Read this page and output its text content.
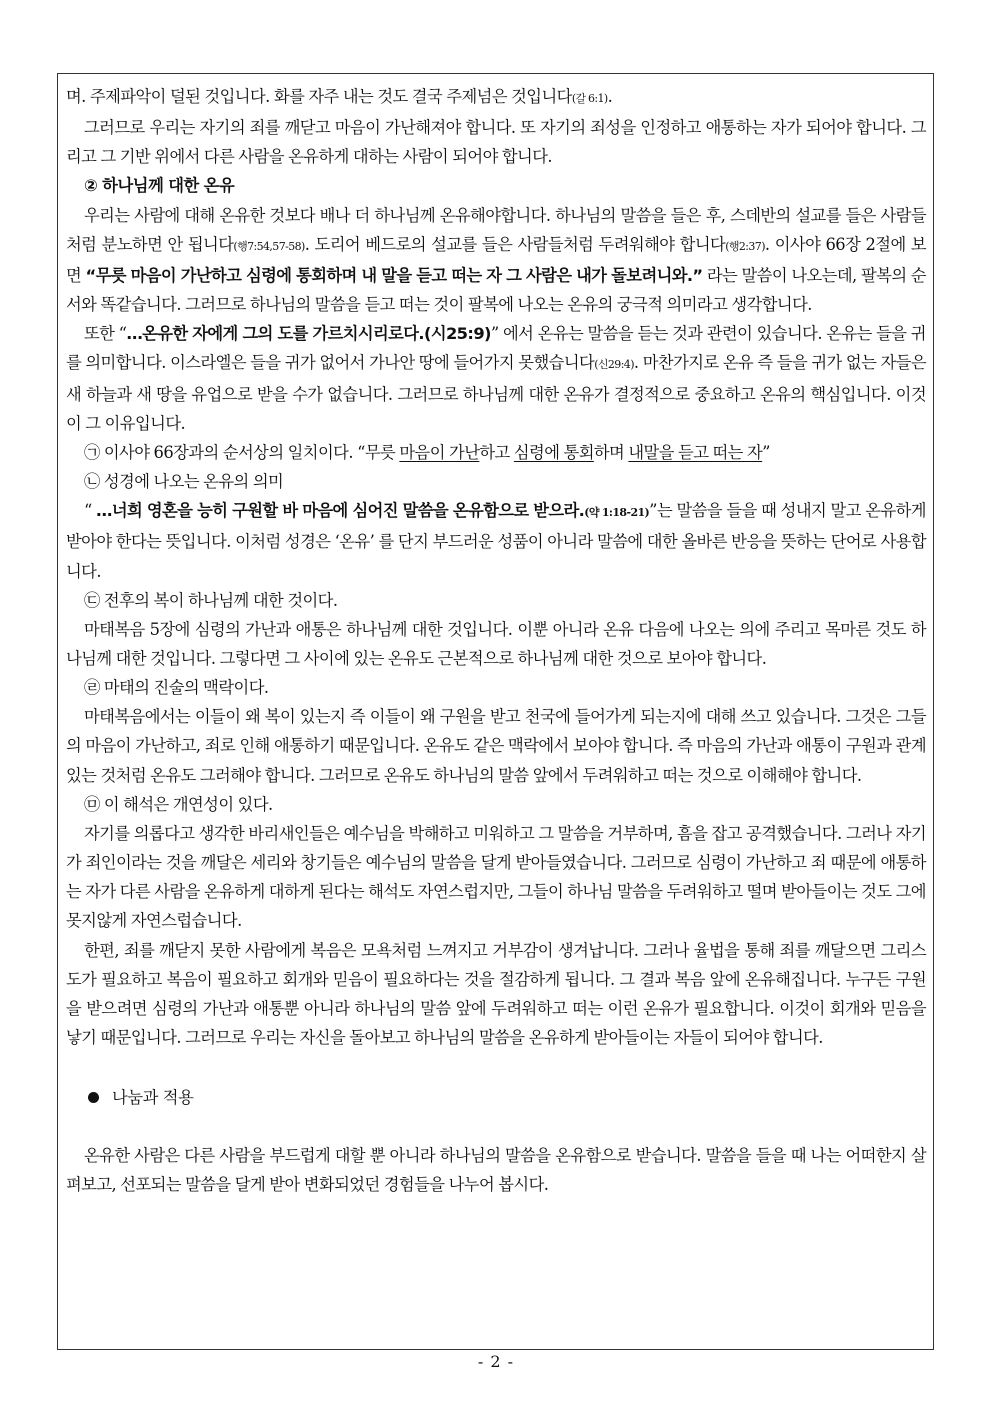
며. 주제파악이 덜된 것입니다. 화를 자주 내는 것도 결국 주제넘은 것입니다(갈 6:1).

그러므로 우리는 자기의 죄를 깨닫고 마음이 가난해져야 합니다. 또 자기의 죄성을 인정하고 애통하는 자가 되어야 합니다. 그리고 그 기반 위에서 다른 사람을 온유하게 대하는 사람이 되어야 합니다.

② 하나님께 대한 온유

우리는 사람에 대해 온유한 것보다 배나 더 하나님께 온유해야합니다. 하나님의 말씀을 들은 후, 스데반의 설교를 들은 사람들처럼 분노하면 안 됩니다(행7:54,57-58). 도리어 베드로의 설교를 들은 사람들처럼 두려워해야 합니다(행2:37). 이사야 66장 2절에 보면 “무릇 마음이 가난하고 심령에 통회하며 내 말을 듣고 떠는 자 그 사람은 내가 돌보려니와.” 라는 말씀이 나오는데, 팔복의 순서와 똑같습니다. 그러므로 하나님의 말씀을 듣고 떠는 것이 팔복에 나오는 온유의 궁극적 의미라고 생각합니다.

또한 “…온유한 자에게 그의 도를 가르치시리로다.(시25:9)” 에서 온유는 말씀을 듣는 것과 관련이 있습니다. 온유는 들을 귀를 의미합니다. 이스라엘은 들을 귀가 없어서 가나안 땅에 들어가지 못했습니다(신29:4). 마찬가지로 온유 즉 들을 귀가 없는 자들은 새 하늘과 새 땅을 유업으로 받을 수가 없습니다. 그러므로 하나님께 대한 온유가 결정적으로 중요하고 온유의 핵심입니다. 이것이 그 이유입니다.

㉠ 이사야 66장과의 순서상의 일치이다. “무릇 마음이 가난하고 심령에 통회하며 내말을 듣고 떠는 자”

㉡ 성경에 나오는 온유의 의미

“ …너희 영혼을 능히 구원할 바 마음에 심어진 말씀을 온유함으로 받으라.(약 1:18-21)”는 말씀을 들을 때 성내지 말고 온유하게 받아야 한다는 뜻입니다. 이처럼 성경은 ‘온유’ 를 단지 부드러운 성품이 아니라 말씀에 대한 올바른 반응을 뜻하는 단어로 사용합니다.

㉢ 전후의 복이 하나님께 대한 것이다.

마태복음 5장에 심령의 가난과 애통은 하나님께 대한 것입니다. 이뿐 아니라 온유 다음에 나오는 의에 주리고 목마른 것도 하나님께 대한 것입니다. 그렇다면 그 사이에 있는 온유도 근본적으로 하나님께 대한 것으로 보아야 합니다.

㉣ 마태의 진술의 맥락이다.

마태복음에서는 이들이 왜 복이 있는지 즉 이들이 왜 구원을 받고 천국에 들어가게 되는지에 대해 쓰고 있습니다. 그것은 그들의 마음이 가난하고, 죄로 인해 애통하기 때문입니다. 온유도 같은 맥락에서 보아야 합니다. 즉 마음의 가난과 애통이 구원과 관계있는 것처럼 온유도 그러해야 합니다. 그러므로 온유도 하나님의 말씀 앞에서 두려워하고 떠는 것으로 이해해야 합니다.

㉤ 이 해석은 개연성이 있다.

자기를 의롭다고 생각한 바리새인들은 예수님을 박해하고 미워하고 그 말씀을 거부하며, 흠을 잡고 공격했습니다. 그러나 자기가 죄인이라는 것을 깨달은 세리와 창기들은 예수님의 말씀을 달게 받아들였습니다. 그러므로 심령이 가난하고 죄 때문에 애통하는 자가 다른 사람을 온유하게 대하게 된다는 해석도 자연스럽지만, 그들이 하나님 말씀을 두려워하고 떨며 받아들이는 것도 그에 못지않게 자연스럽습니다.

한편, 죄를 깨닫지 못한 사람에게 복음은 모욕처럼 느껴지고 거부감이 생겨납니다. 그러나 율법을 통해 죄를 깨달으면 그리스도가 필요하고 복음이 필요하고 회개와 믿음이 필요하다는 것을 절감하게 됩니다. 그 결과 복음 앞에 온유해집니다. 누구든 구원을 받으려면 심령의 가난과 애통뿐 아니라 하나님의 말씀 앞에 두려워하고 떠는 이런 온유가 필요합니다. 이것이 회개와 믿음을 낳기 때문입니다. 그러므로 우리는 자신을 돌아보고 하나님의 말씀을 온유하게 받아들이는 자들이 되어야 합니다.

나눔과 적용

온유한 사람은 다른 사람을 부드럽게 대할 뿐 아니라 하나님의 말씀을 온유함으로 받습니다. 말씀을 들을 때 나는 어떠한지 살펴보고, 선포되는 말씀을 달게 받아 변화되었던 경험들을 나누어 봅시다.

- 2 -
